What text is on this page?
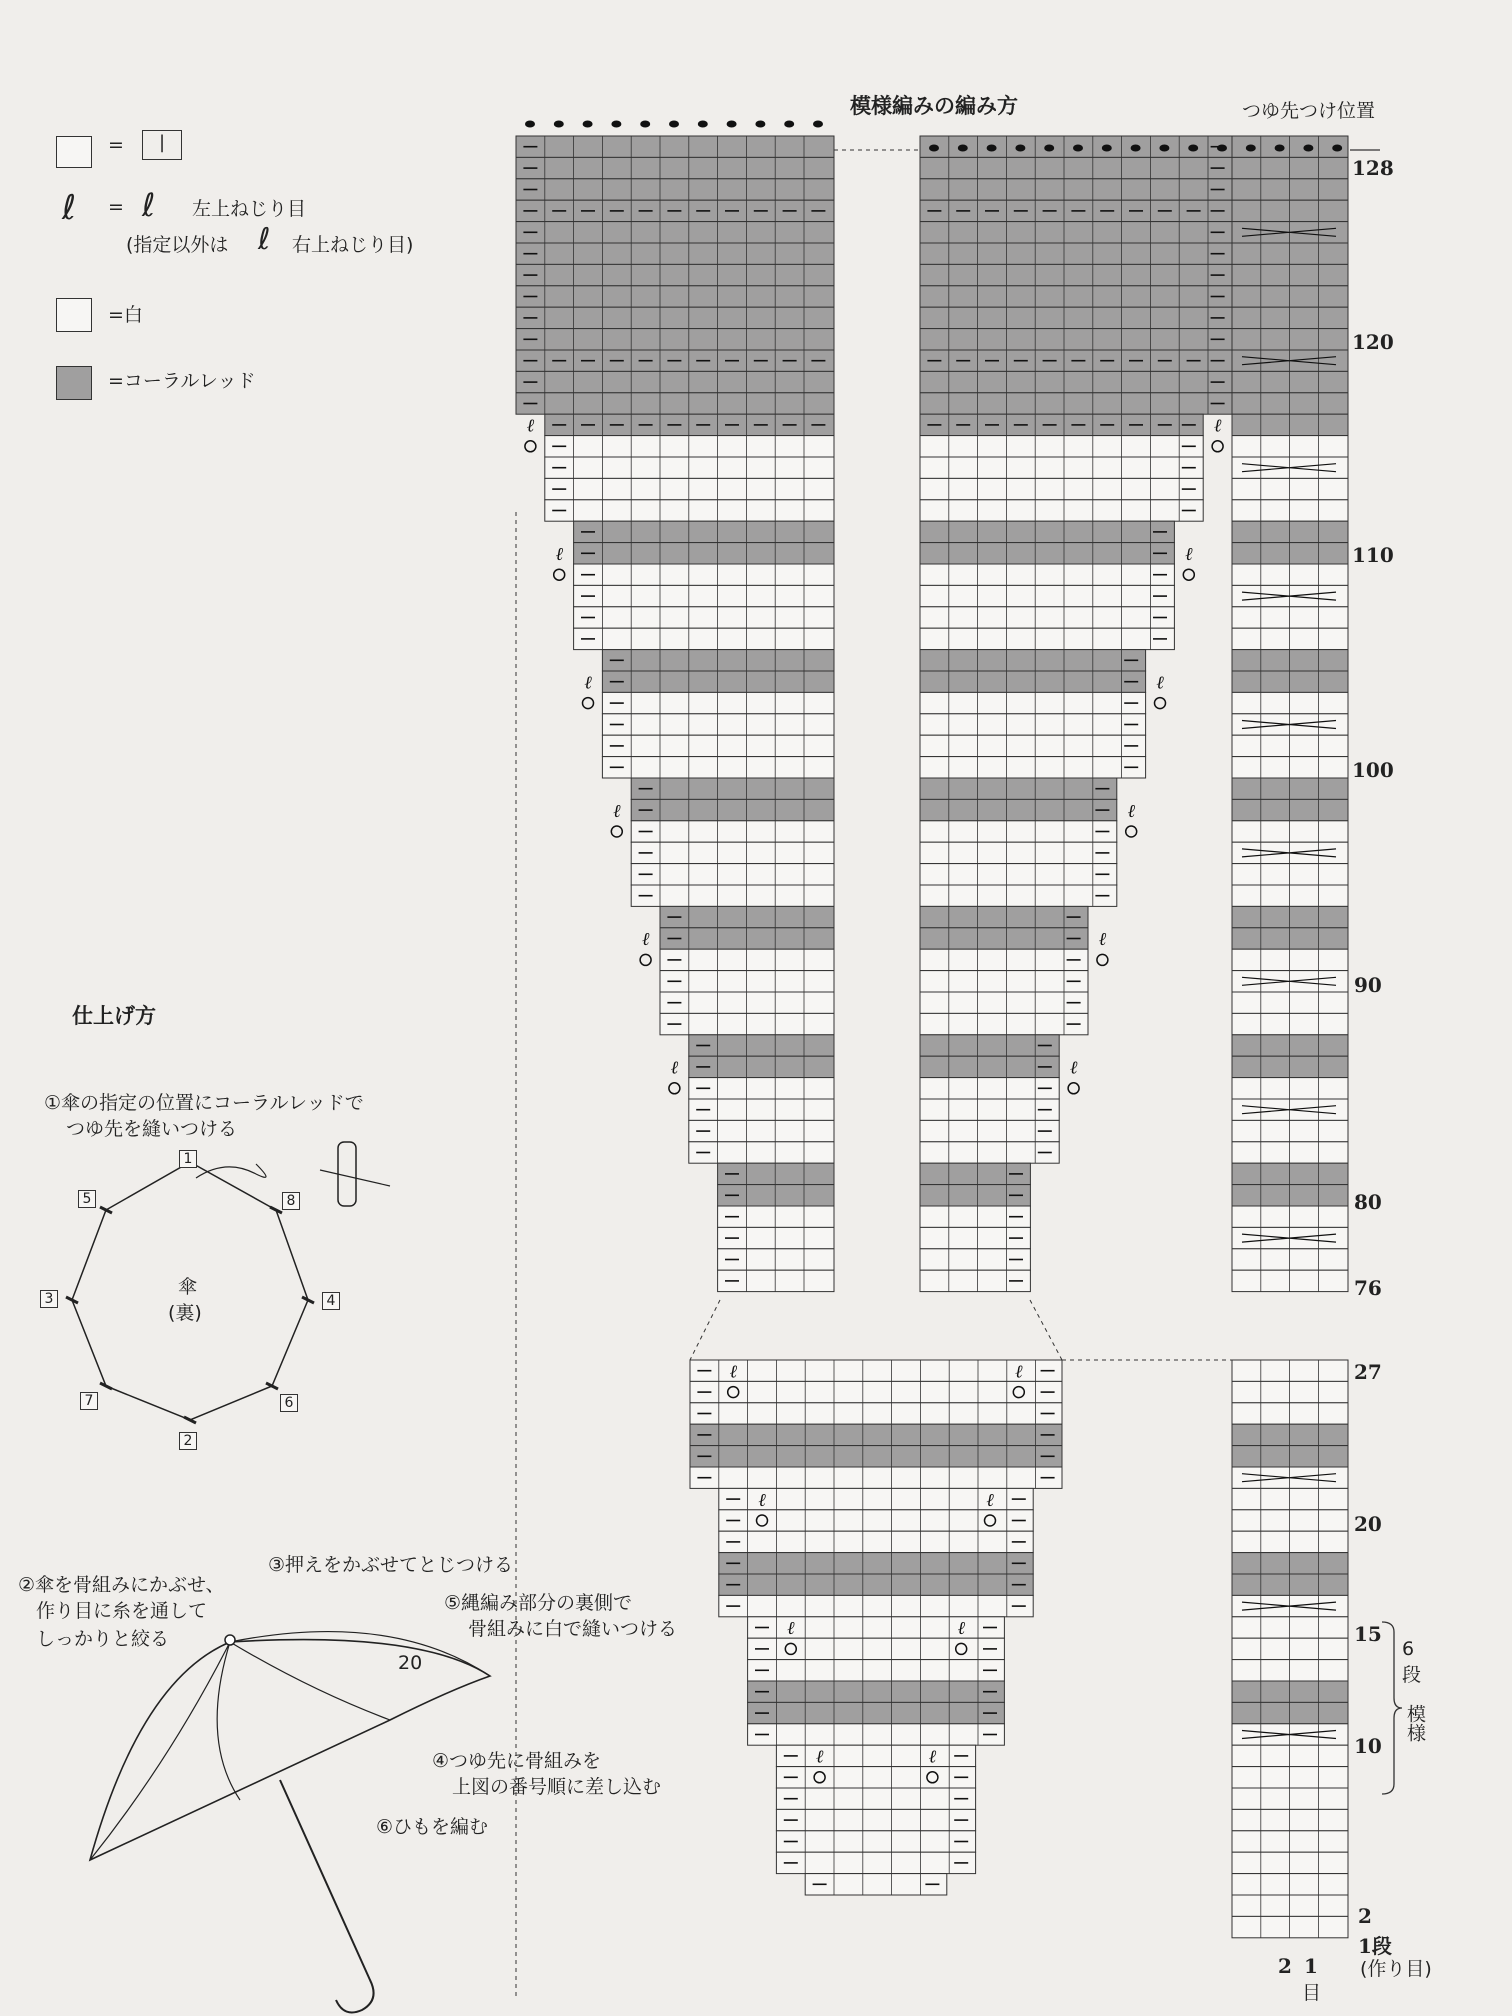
=	|
ℓ = ℓ 左上ねじり目
(指定以外は ℓ 右上ねじり目)
=白
=コーラルレッド
ℓ	ℓ
ℓ	ℓ
ℓ	ℓ
ℓ	ℓ
ℓ	ℓ
ℓ	ℓ
ℓ	ℓ
ℓ	ℓ
ℓ	ℓ
ℓ	ℓ
模様編みの編み方	つゆ先つけ位置
128
120
110
100
90
80
76
27
20
15
10
2
1段
(作り目)
2 1
目
6
段
模様
仕上げ方
①傘の指定の位置にコーラルレッドで
つゆ先を縫いつける
1
2
3	4
5
6
7
8
傘
(裏)
②傘を骨組みにかぶせ、
作り目に糸を通して
しっかりと絞る
③押えをかぶせてとじつける
⑤縄編み部分の裏側で
骨組みに白で縫いつける
20
④つゆ先に骨組みを
上図の番号順に差し込む
⑥ひもを編む
